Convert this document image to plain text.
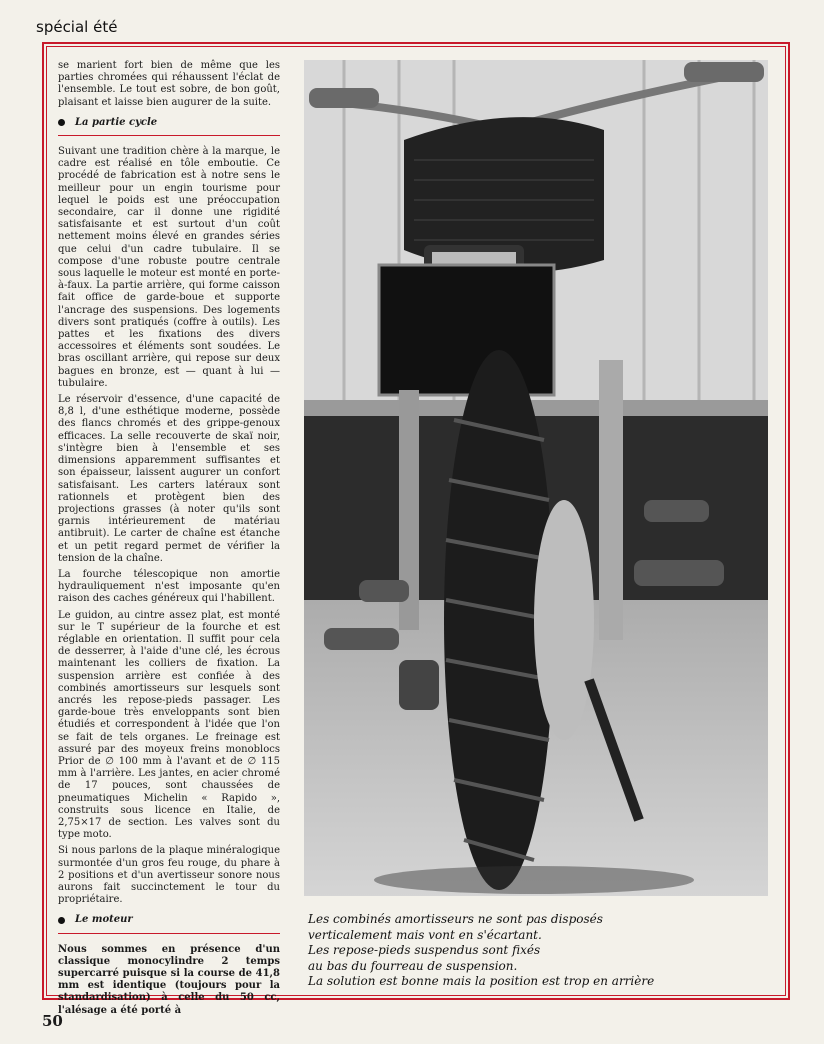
spécial été

se marient fort bien de même que les parties chromées qui réhaussent l'éclat de l'ensemble. Le tout est sobre, de bon goût, plaisant et laisse bien augurer de la suite.

La partie cycle

Suivant une tradition chère à la marque, le cadre est réalisé en tôle emboutie. Ce procédé de fabrication est à notre sens le meilleur pour un engin tourisme pour lequel le poids est une préoccupation secondaire, car il donne une rigidité satisfaisante et est surtout d'un coût nettement moins élevé en grandes séries que celui d'un cadre tubulaire. Il se compose d'une robuste poutre centrale sous laquelle le moteur est monté en porte-à-faux. La partie arrière, qui forme caisson fait office de garde-boue et supporte l'ancrage des suspensions. Des logements divers sont pratiqués (coffre à outils). Les pattes et les fixations des divers accessoires et éléments sont soudées. Le bras oscillant arrière, qui repose sur deux bagues en bronze, est — quant à lui — tubulaire.

Le réservoir d'essence, d'une capacité de 8,8 l, d'une esthétique moderne, possède des flancs chromés et des grippe-genoux efficaces. La selle recouverte de skaï noir, s'intègre bien à l'ensemble et ses dimensions apparemment suffisantes et son épaisseur, laissent augurer un confort satisfaisant. Les carters latéraux sont rationnels et protègent bien des projections grasses (à noter qu'ils sont garnis intérieurement de matériau antibruit). Le carter de chaîne est étanche et un petit regard permet de vérifier la tension de la chaîne.

La fourche télescopique non amortie hydrauliquement n'est imposante qu'en raison des caches généreux qui l'habillent.

Le guidon, au cintre assez plat, est monté sur le T supérieur de la fourche et est réglable en orientation. Il suffit pour cela de desserrer, à l'aide d'une clé, les écrous maintenant les colliers de fixation. La suspension arrière est confiée à des combinés amortisseurs sur lesquels sont ancrés les repose-pieds passager. Les garde-boue très enveloppants sont bien étudiés et correspondent à l'idée que l'on se fait de tels organes. Le freinage est assuré par des moyeux freins monoblocs Prior de ∅ 100 mm à l'avant et de ∅ 115 mm à l'arrière. Les jantes, en acier chromé de 17 pouces, sont chaussées de pneumatiques Michelin « Rapido », construits sous licence en Italie, de 2,75×17 de section. Les valves sont du type moto.

Si nous parlons de la plaque minéralogique surmontée d'un gros feu rouge, du phare à 2 positions et d'un avertisseur sonore nous aurons fait succinctement le tour du propriétaire.

Le moteur

Nous sommes en présence d'un classique monocylindre 2 temps supercarré puisque si la course de 41,8 mm est identique (toujours pour la standardisation) à celle du 50 cc, l'alésage a été porté à

Les combinés amortisseurs ne sont pas disposés
verticalement mais vont en s'écartant.
Les repose-pieds suspendus sont fixés
au bas du fourreau de suspension.
La solution est bonne mais la position est trop en arrière
50
